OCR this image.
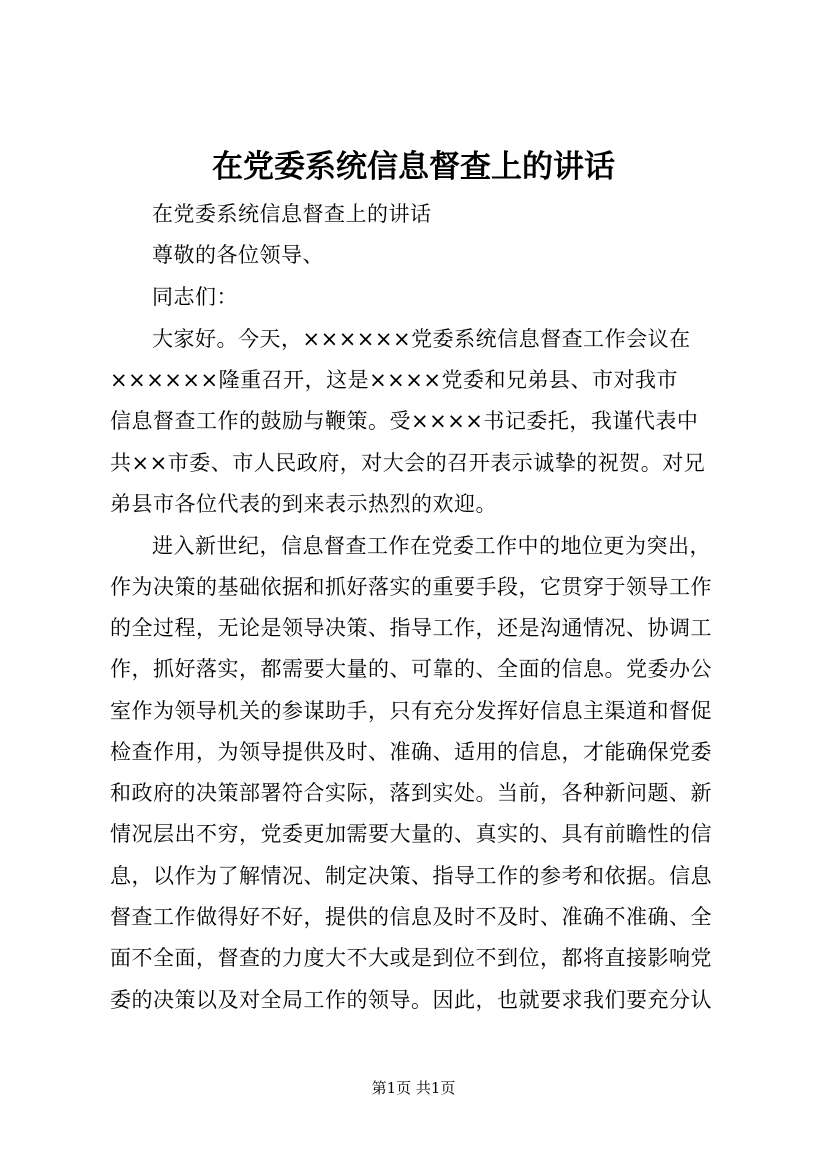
在党委系统信息督查上的讲话
在党委系统信息督查上的讲话
尊敬的各位领导、
同志们：
大家好。今天，××××××党委系统信息督查工作会议在
××××××隆重召开，这是××××党委和兄弟县、市对我市
信息督查工作的鼓励与鞭策。受××××书记委托，我谨代表中
共××市委、市人民政府，对大会的召开表示诚挚的祝贺。对兄
弟县市各位代表的到来表示热烈的欢迎。
进入新世纪，信息督查工作在党委工作中的地位更为突出，
作为决策的基础依据和抓好落实的重要手段，它贯穿于领导工作
的全过程，无论是领导决策、指导工作，还是沟通情况、协调工
作，抓好落实，都需要大量的、可靠的、全面的信息。党委办公
室作为领导机关的参谋助手，只有充分发挥好信息主渠道和督促
检查作用，为领导提供及时、准确、适用的信息，才能确保党委
和政府的决策部署符合实际，落到实处。当前，各种新问题、新
情况层出不穷，党委更加需要大量的、真实的、具有前瞻性的信
息，以作为了解情况、制定决策、指导工作的参考和依据。信息
督查工作做得好不好，提供的信息及时不及时、准确不准确、全
面不全面，督查的力度大不大或是到位不到位，都将直接影响党
委的决策以及对全局工作的领导。因此，也就要求我们要充分认
第1页 共1页
